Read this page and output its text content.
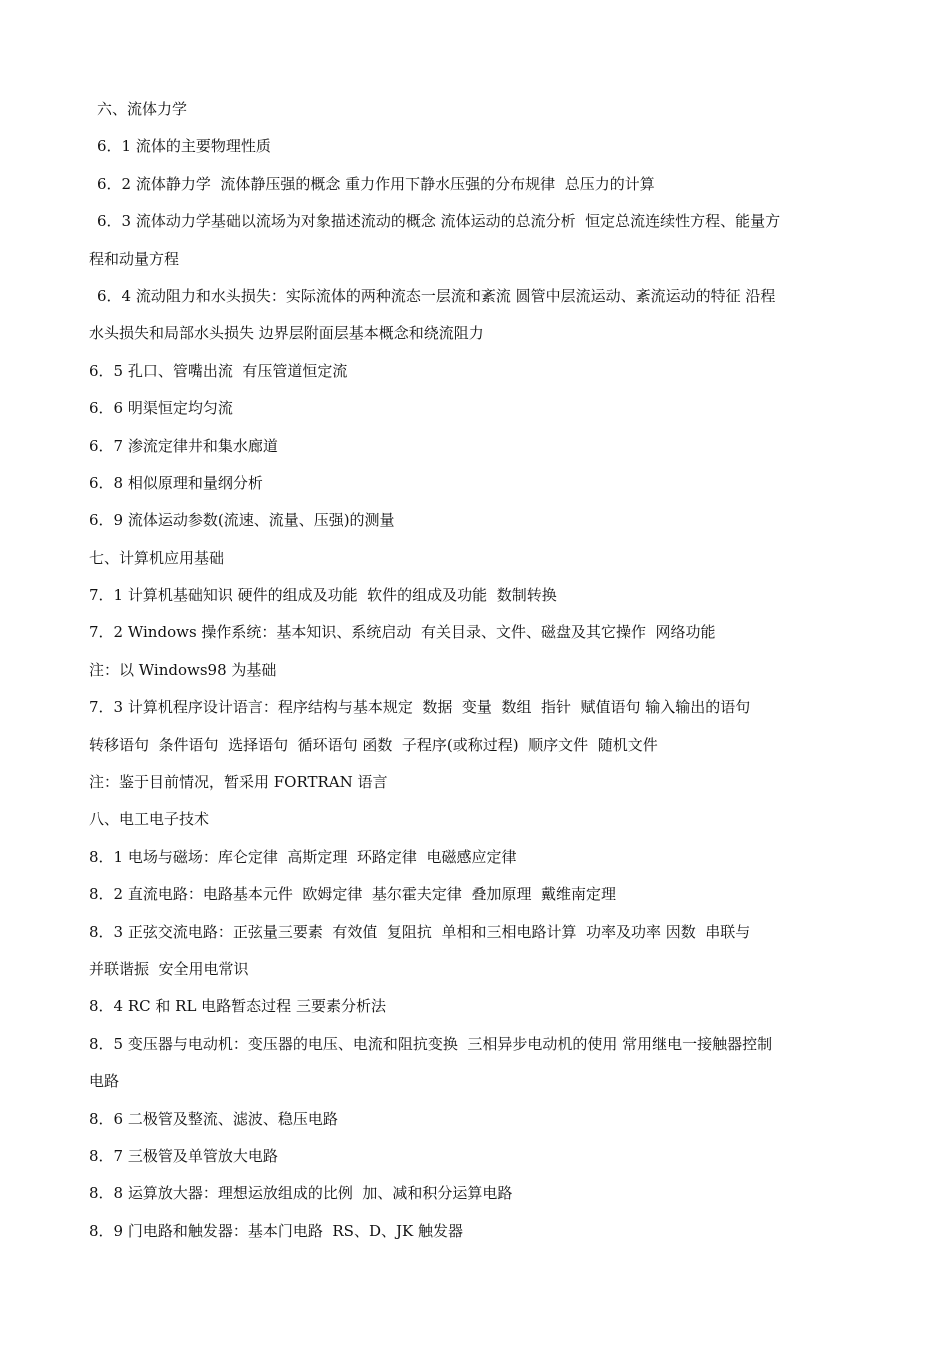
六、流体力学
6．1 流体的主要物理性质
6．2 流体静力学  流体静压强的概念 重力作用下静水压强的分布规律  总压力的计算
6．3 流体动力学基础以流场为对象描述流动的概念 流体运动的总流分析  恒定总流连续性方程、能量方
程和动量方程
6．4 流动阻力和水头损失：实际流体的两种流态一层流和紊流 圆管中层流运动、紊流运动的特征 沿程
水头损失和局部水头损失 边界层附面层基本概念和绕流阻力
6．5 孔口、管嘴出流  有压管道恒定流
6．6 明渠恒定均匀流
6．7 渗流定律井和集水廊道
6．8 相似原理和量纲分析
6．9 流体运动参数(流速、流量、压强)的测量
七、计算机应用基础
7．1 计算机基础知识 硬件的组成及功能  软件的组成及功能  数制转换
7．2 Windows 操作系统：基本知识、系统启动  有关目录、文件、磁盘及其它操作  网络功能
注：以 Windows98 为基础
7．3 计算机程序设计语言：程序结构与基本规定  数据  变量  数组  指针  赋值语句 输入输出的语句
转移语句  条件语句  选择语句  循环语句 函数  子程序(或称过程)  顺序文件  随机文件
注：鉴于目前情况，暂采用 FORTRAN 语言
八、电工电子技术
8．1 电场与磁场：库仑定律  高斯定理  环路定律  电磁感应定律
8．2 直流电路：电路基本元件  欧姆定律  基尔霍夫定律  叠加原理  戴维南定理
8．3 正弦交流电路：正弦量三要素  有效值  复阻抗  单相和三相电路计算  功率及功率 因数  串联与
并联谐振  安全用电常识
8．4 RC 和 RL 电路暂态过程 三要素分析法
8．5 变压器与电动机：变压器的电压、电流和阻抗变换  三相异步电动机的使用 常用继电一接触器控制
电路
8．6 二极管及整流、滤波、稳压电路
8．7 三极管及单管放大电路
8．8 运算放大器：理想运放组成的比例  加、减和积分运算电路
8．9 门电路和触发器：基本门电路  RS、D、JK 触发器
